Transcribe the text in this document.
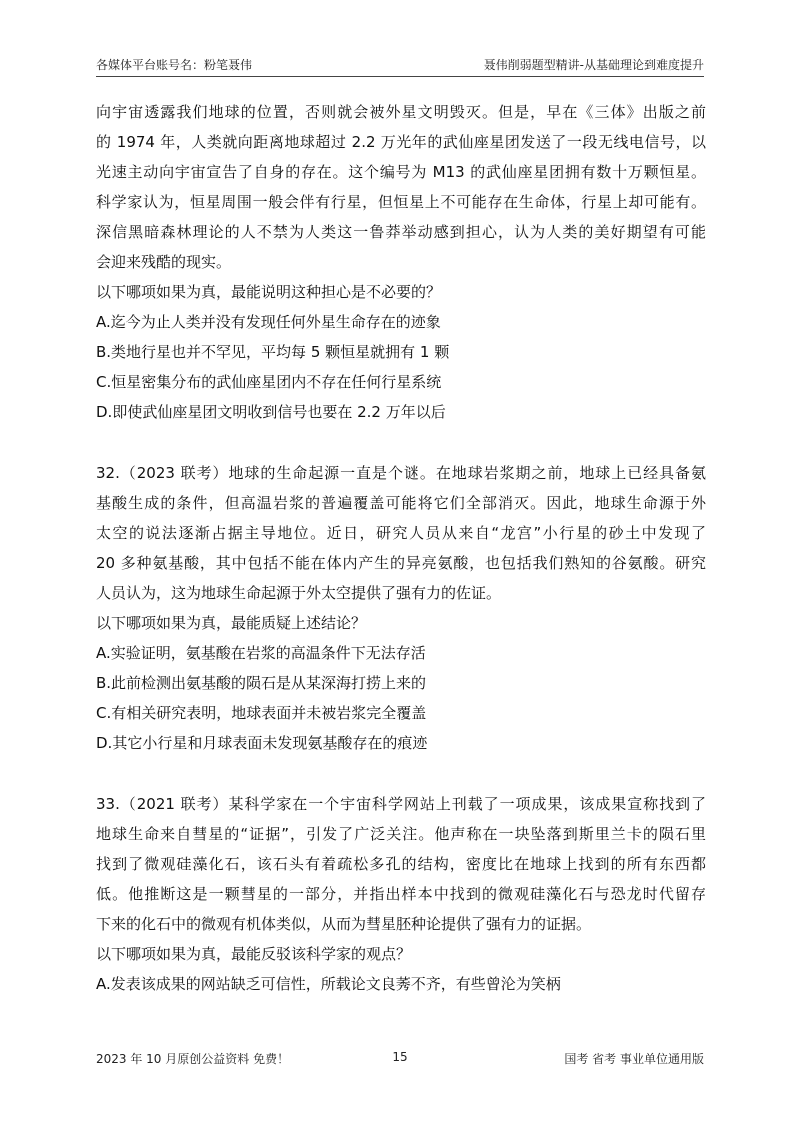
各媒体平台账号名：粉笔聂伟	聂伟削弱题型精讲-从基础理论到难度提升
向宇宙透露我们地球的位置，否则就会被外星文明毁灭。但是，早在《三体》出版之前
的 1974 年，人类就向距离地球超过 2.2 万光年的武仙座星团发送了一段无线电信号，以
光速主动向宇宙宣告了自身的存在。这个编号为 M13 的武仙座星团拥有数十万颗恒星。
科学家认为，恒星周围一般会伴有行星，但恒星上不可能存在生命体，行星上却可能有。
深信黑暗森林理论的人不禁为人类这一鲁莽举动感到担心，认为人类的美好期望有可能
会迎来残酷的现实。
以下哪项如果为真，最能说明这种担心是不必要的？
A.迄今为止人类并没有发现任何外星生命存在的迹象
B.类地行星也并不罕见，平均每 5 颗恒星就拥有 1 颗
C.恒星密集分布的武仙座星团内不存在任何行星系统
D.即使武仙座星团文明收到信号也要在 2.2 万年以后
32.（2023 联考）地球的生命起源一直是个谜。在地球岩浆期之前，地球上已经具备氨
基酸生成的条件，但高温岩浆的普遍覆盖可能将它们全部消灭。因此，地球生命源于外
太空的说法逐渐占据主导地位。近日，研究人员从来自“龙宫”小行星的砂土中发现了
20 多种氨基酸，其中包括不能在体内产生的异亮氨酸，也包括我们熟知的谷氨酸。研究
人员认为，这为地球生命起源于外太空提供了强有力的佐证。
以下哪项如果为真，最能质疑上述结论？
A.实验证明，氨基酸在岩浆的高温条件下无法存活
B.此前检测出氨基酸的陨石是从某深海打捞上来的
C.有相关研究表明，地球表面并未被岩浆完全覆盖
D.其它小行星和月球表面未发现氨基酸存在的痕迹
33.（2021 联考）某科学家在一个宇宙科学网站上刊载了一项成果，该成果宣称找到了
地球生命来自彗星的“证据”，引发了广泛关注。他声称在一块坠落到斯里兰卡的陨石里
找到了微观硅藻化石，该石头有着疏松多孔的结构，密度比在地球上找到的所有东西都
低。他推断这是一颗彗星的一部分，并指出样本中找到的微观硅藻化石与恐龙时代留存
下来的化石中的微观有机体类似，从而为彗星胚种论提供了强有力的证据。
以下哪项如果为真，最能反驳该科学家的观点？
A.发表该成果的网站缺乏可信性，所载论文良莠不齐，有些曾沦为笑柄
2023 年 10 月原创公益资料 免费！	15	国考 省考 事业单位通用版
